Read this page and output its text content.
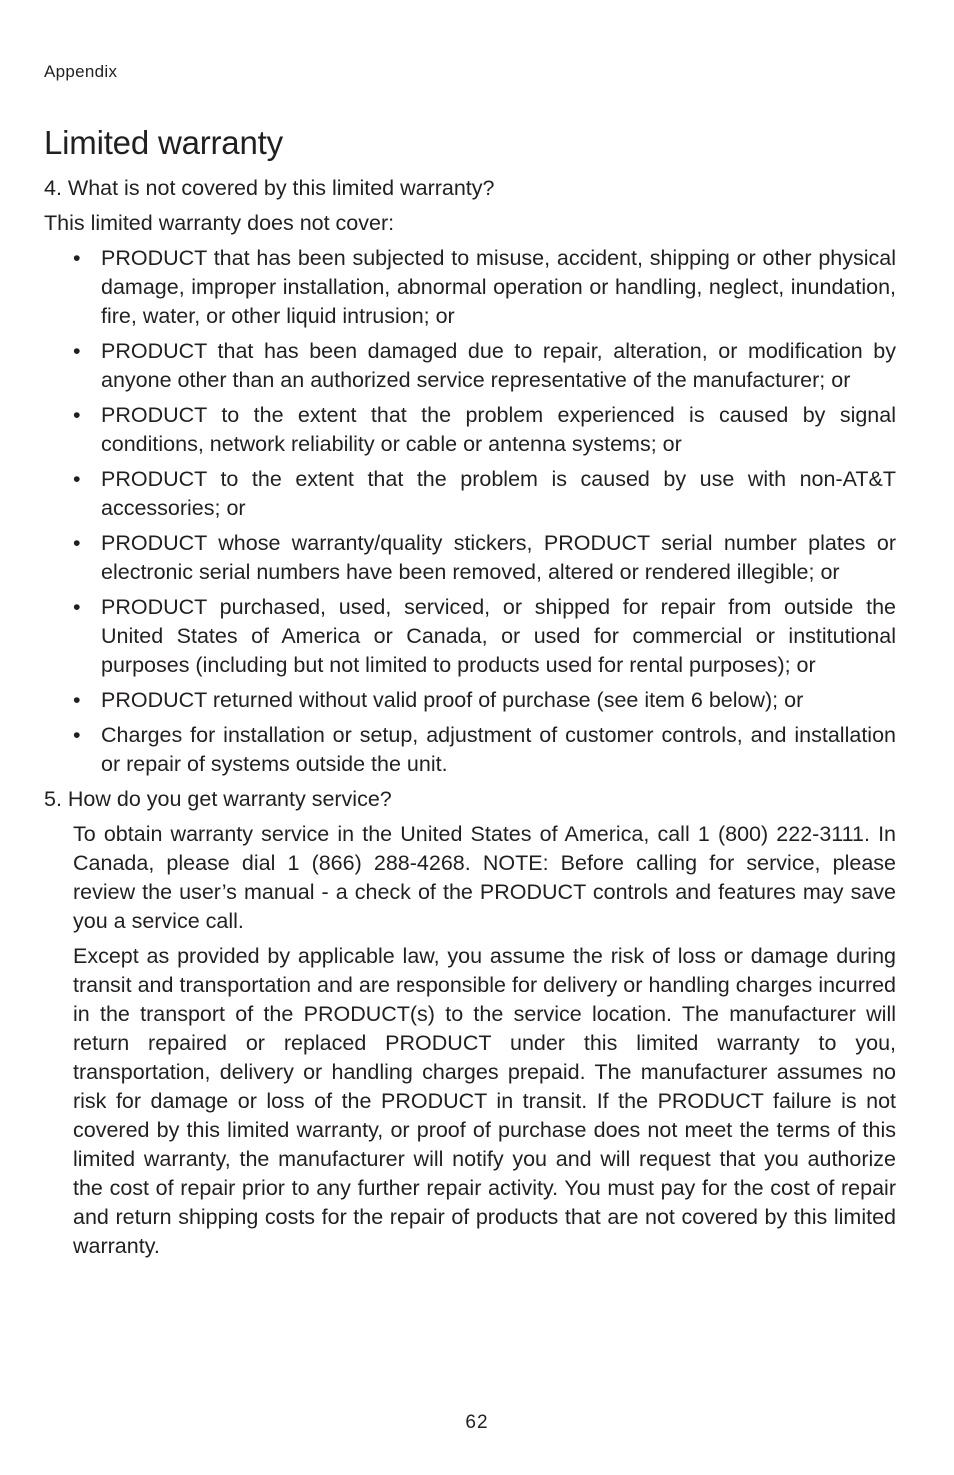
Appendix
Limited warranty

4. What is not covered by this limited warranty?

This limited warranty does not cover:

• PRODUCT that has been subjected to misuse, accident, shipping or other physical damage, improper installation, abnormal operation or handling, neglect, inundation, fire, water, or other liquid intrusion; or
• PRODUCT that has been damaged due to repair, alteration, or modification by anyone other than an authorized service representative of the manufacturer; or
• PRODUCT to the extent that the problem experienced is caused by signal conditions, network reliability or cable or antenna systems; or
• PRODUCT to the extent that the problem is caused by use with non-AT&T accessories; or
• PRODUCT whose warranty/quality stickers, PRODUCT serial number plates or electronic serial numbers have been removed, altered or rendered illegible; or
• PRODUCT purchased, used, serviced, or shipped for repair from outside the United States of America or Canada, or used for commercial or institutional purposes (including but not limited to products used for rental purposes); or
• PRODUCT returned without valid proof of purchase (see item 6 below); or
• Charges for installation or setup, adjustment of customer controls, and installation or repair of systems outside the unit.

5. How do you get warranty service?

To obtain warranty service in the United States of America, call 1 (800) 222-3111. In Canada, please dial 1 (866) 288-4268. NOTE: Before calling for service, please review the user’s manual - a check of the PRODUCT controls and features may save you a service call.

Except as provided by applicable law, you assume the risk of loss or damage during transit and transportation and are responsible for delivery or handling charges incurred in the transport of the PRODUCT(s) to the service location. The manufacturer will return repaired or replaced PRODUCT under this limited warranty to you, transportation, delivery or handling charges prepaid. The manufacturer assumes no risk for damage or loss of the PRODUCT in transit. If the PRODUCT failure is not covered by this limited warranty, or proof of purchase does not meet the terms of this limited warranty, the manufacturer will notify you and will request that you authorize the cost of repair prior to any further repair activity. You must pay for the cost of repair and return shipping costs for the repair of products that are not covered by this limited warranty.

62
